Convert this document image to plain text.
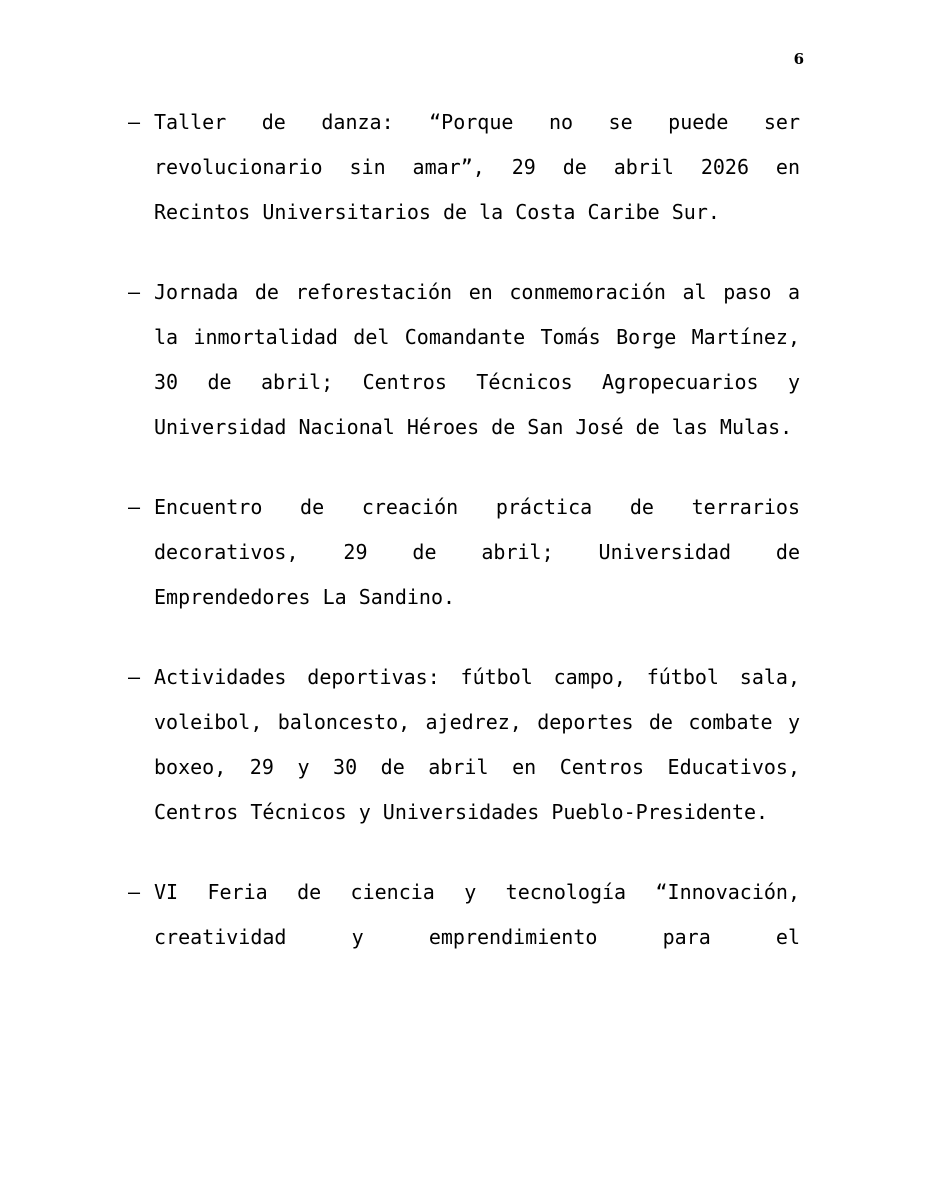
6
– Taller de danza: “Porque no se puede ser revolucionario sin amar”, 29 de abril 2026 en Recintos Universitarios de la Costa Caribe Sur.
– Jornada de reforestación en conmemoración al paso a la inmortalidad del Comandante Tomás Borge Martínez, 30 de abril; Centros Técnicos Agropecuarios y Universidad Nacional Héroes de San José de las Mulas.
– Encuentro de creación práctica de terrarios decorativos, 29 de abril; Universidad de Emprendedores La Sandino.
– Actividades deportivas: fútbol campo, fútbol sala, voleibol, baloncesto, ajedrez, deportes de combate y boxeo, 29 y 30 de abril en Centros Educativos, Centros Técnicos y Universidades Pueblo-Presidente.
– VI Feria de ciencia y tecnología “Innovación, creatividad y emprendimiento para el
